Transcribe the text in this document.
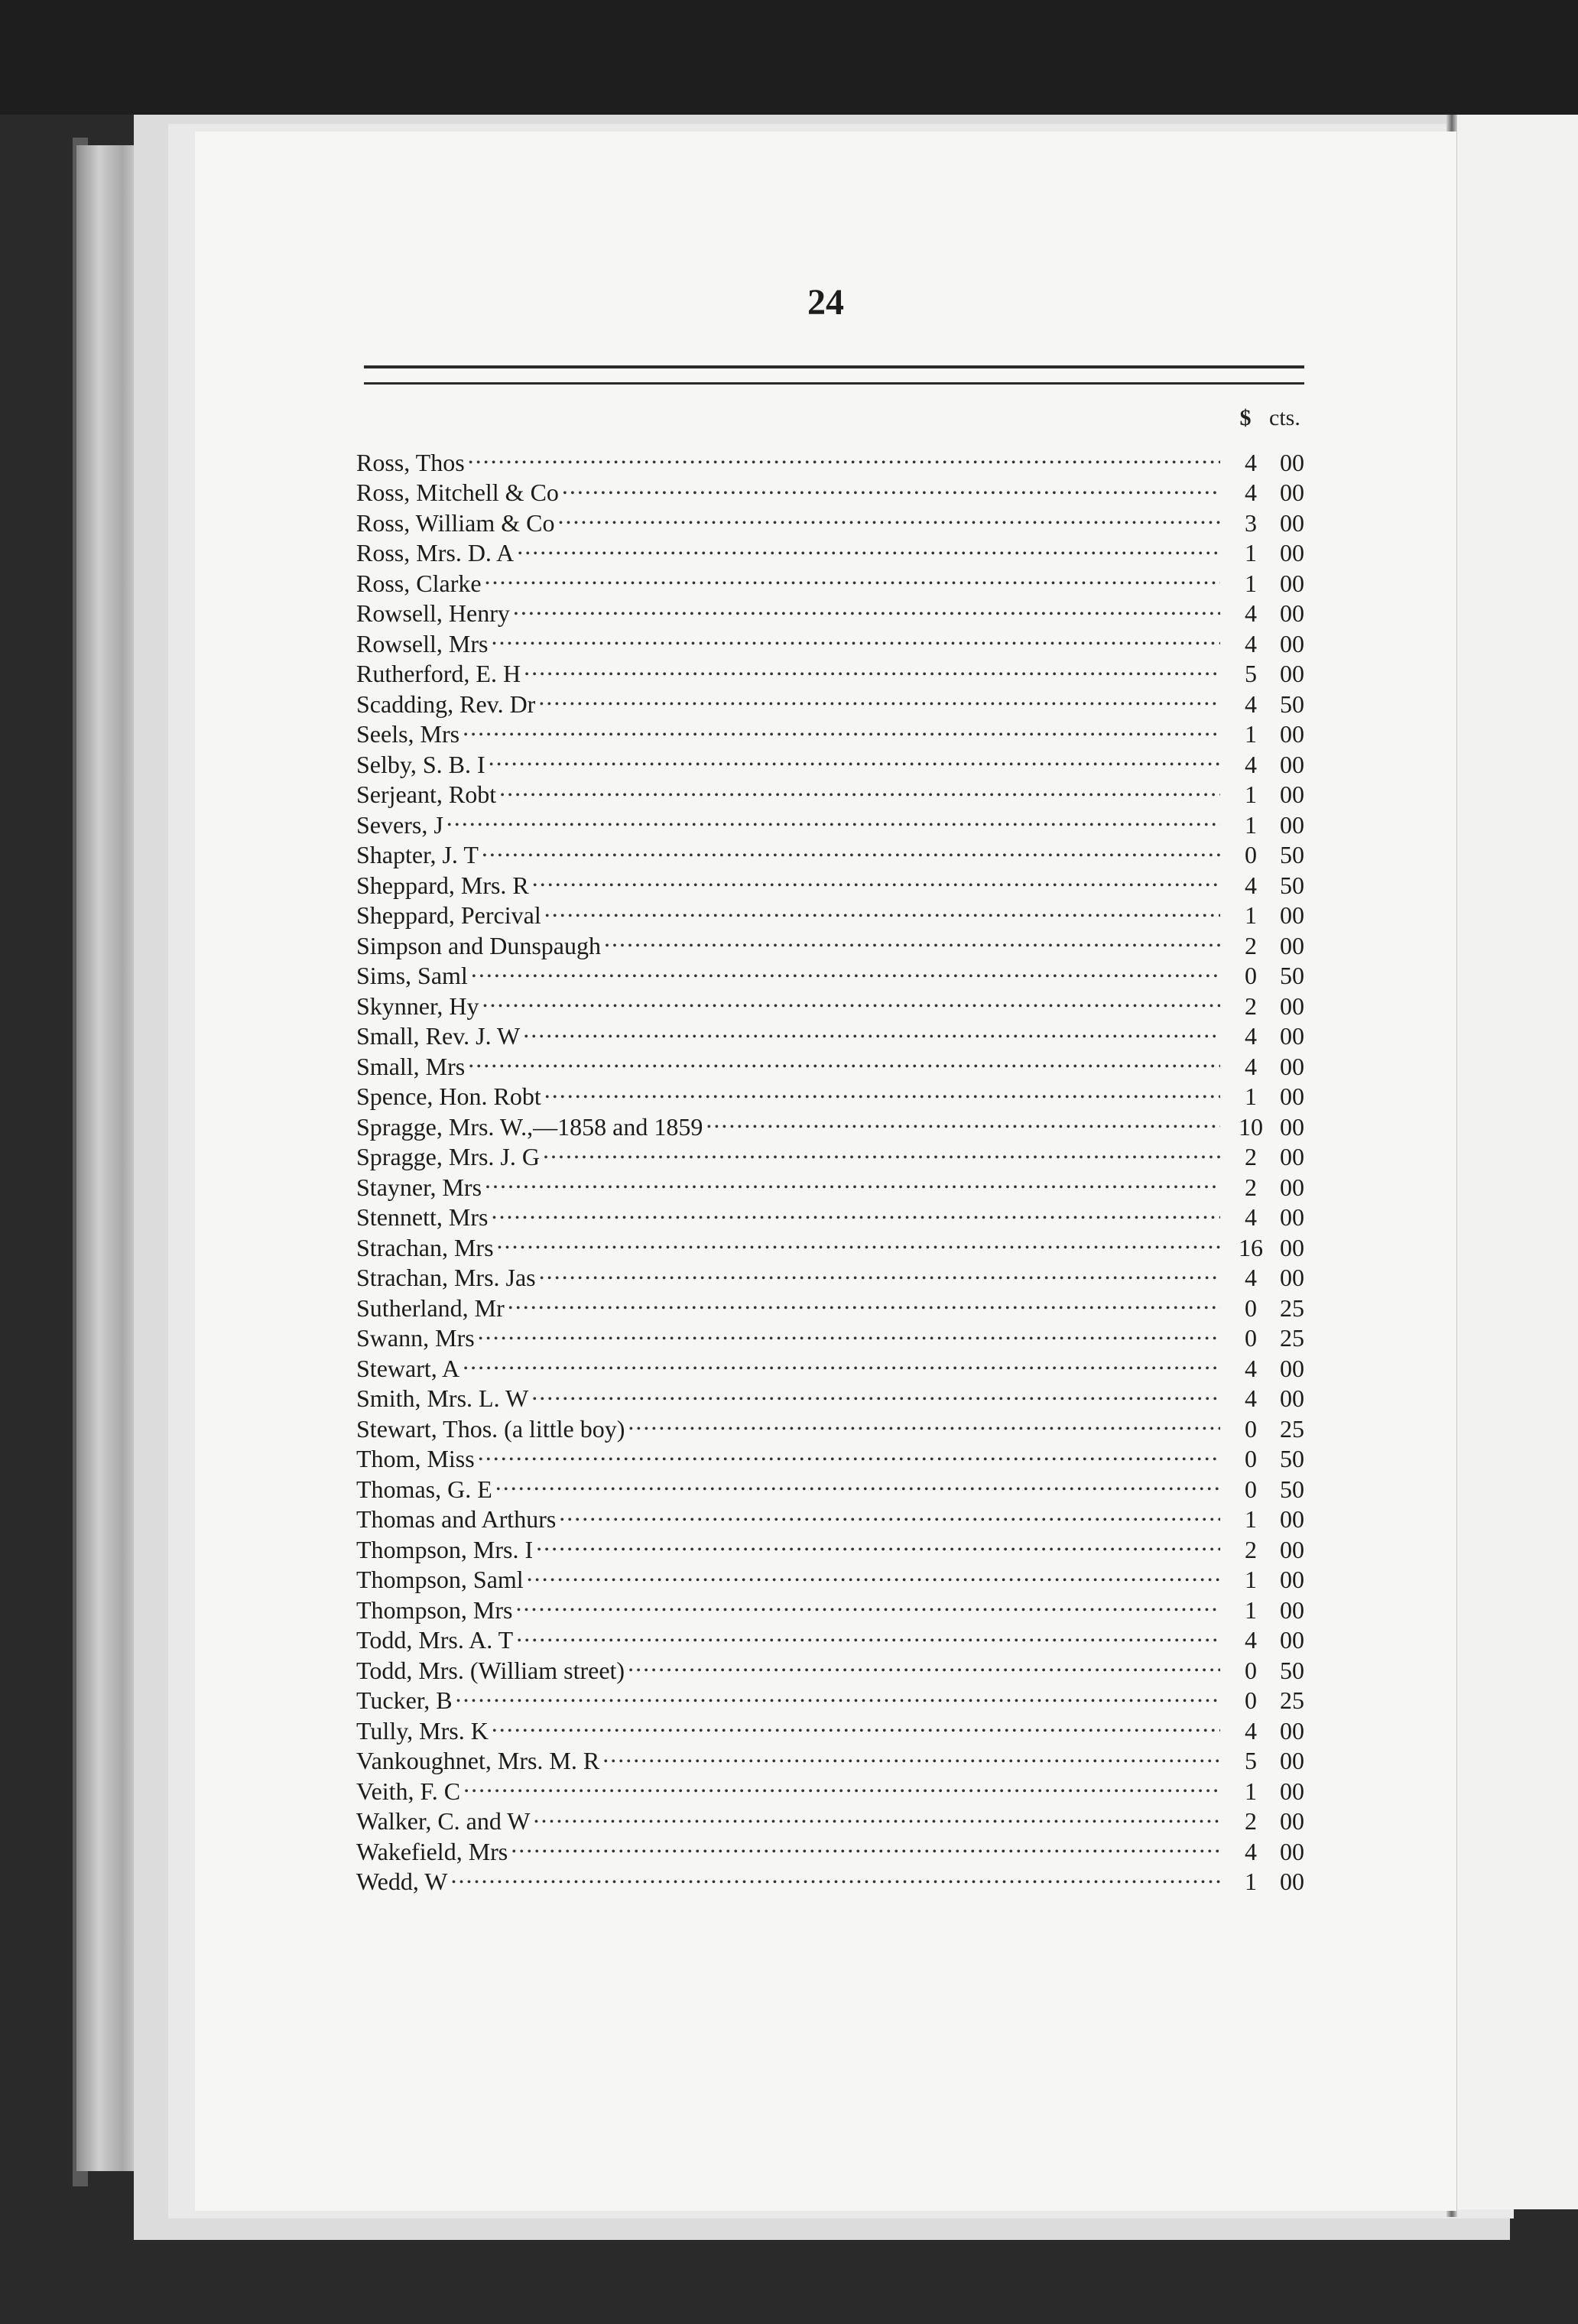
24
$ cts.
Ross, Thos . . .	4 00
Ross, Mitchell & Co . . .	4 00
Ross, William & Co . . .	3 00
Ross, Mrs. D. A . . .	1 00
Ross, Clarke . . .	1 00
Rowsell, Henry . . .	4 00
Rowsell, Mrs . . .	4 00
Rutherford, E. H . . .	5 00
Scadding, Rev. Dr . . .	4 50
Seels, Mrs . . .	1 00
Selby, S. B. I . . .	4 00
Serjeant, Robt . . .	1 00
Severs, J . . .	1 00
Shapter, J. T . . .	0 50
Sheppard, Mrs. R . . .	4 50
Sheppard, Percival . . .	1 00
Simpson and Dunspaugh . . .	2 00
Sims, Saml . . .	0 50
Skynner, Hy . . .	2 00
Small, Rev. J. W . . .	4 00
Small, Mrs . . .	4 00
Spence, Hon. Robt . . .	1 00
Spragge, Mrs. W.,—1858 and 1859 . . .	10 00
Spragge, Mrs. J. G . . .	2 00
Stayner, Mrs . . .	2 00
Stennett, Mrs . . .	4 00
Strachan, Mrs . . .	16 00
Strachan, Mrs. Jas . . .	4 00
Sutherland, Mr . . .	0 25
Swann, Mrs . . .	0 25
Stewart, A . . .	4 00
Smith, Mrs. L. W . . .	4 00
Stewart, Thos. (a little boy) . . .	0 25
Thom, Miss . . .	0 50
Thomas, G. E . . .	0 50
Thomas and Arthurs . . .	1 00
Thompson, Mrs. I . . .	2 00
Thompson, Saml . . .	1 00
Thompson, Mrs . . .	1 00
Todd, Mrs. A. T . . .	4 00
Todd, Mrs. (William street) . . .	0 50
Tucker, B . . .	0 25
Tully, Mrs. K . . .	4 00
Vankoughnet, Mrs. M. R . . .	5 00
Veith, F. C . . .	1 00
Walker, C. and W . . .	2 00
Wakefield, Mrs . . .	4 00
Wedd, W . . .	1 00
